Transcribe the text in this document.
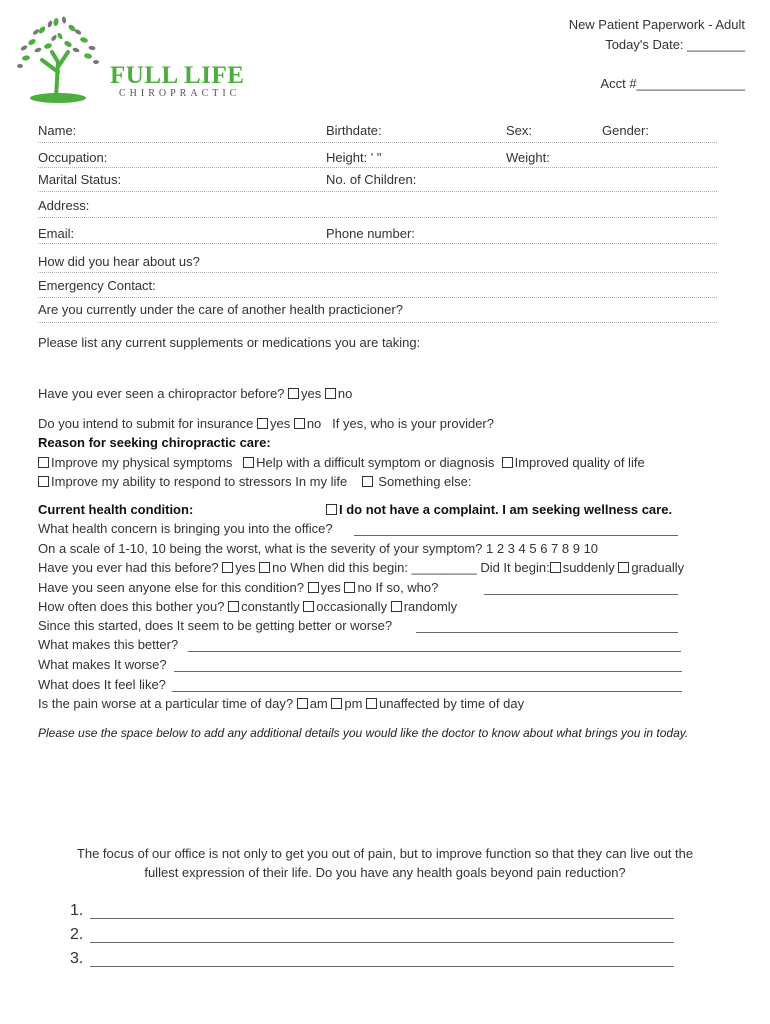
FULL LIFE
CHIROPRACTIC
New Patient Paperwork - Adult
Today's Date: ________
Acct #_______________
Name:	Birthdate:	Sex:	Gender:
Occupation:	Height: ' "	Weight:
Marital Status:	No. of Children:
Address:
Email:	Phone number:
How did you hear about us?
Emergency Contact:
Are you currently under the care of another health practicioner?
Please list any current supplements or medications you are taking:
Have you ever seen a chiropractor before? yes no
Do you intend to submit for insurance yes no If yes, who is your provider?
Reason for seeking chiropractic care:
Improve my physical symptoms Help with a difficult symptom or diagnosis Improved quality of life
Improve my ability to respond to stressors In my life Something else:
Current health condition:	I do not have a complaint. I am seeking wellness care.
What health concern is bringing you into the office?
On a scale of 1-10, 10 being the worst, what is the severity of your symptom? 1 2 3 4 5 6 7 8 9 10
Have you ever had this before? yes no When did this begin: _________ Did It begin: suddenly gradually
Have you seen anyone else for this condition? yes no If so, who?
How often does this bother you? constantly occasionally randomly
Since this started, does It seem to be getting better or worse?
What makes this better?
What makes It worse?
What does It feel like?
Is the pain worse at a particular time of day? am pm unaffected by time of day
Please use the space below to add any additional details you would like the doctor to know about what brings you in today.
The focus of our office is not only to get you out of pain, but to improve function so that they can live out the
fullest expression of their life. Do you have any health goals beyond pain reduction?
1.
2.
3.
